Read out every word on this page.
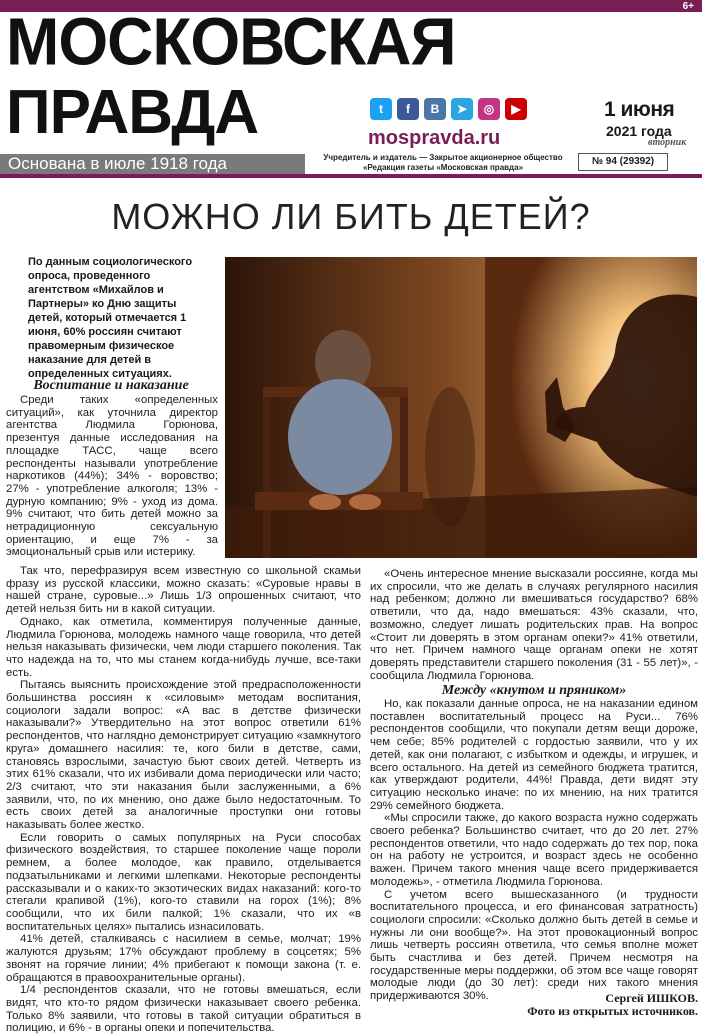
6+
МОСКОВСКАЯ
ПРАВДА	t	f	B	➤	◎	▶
mospravda.ru
1 июня
2021 года
вторник
Основана в июле 1918 года	Учредитель и издатель — Закрытое акционерное общество «Редакция газеты «Московская правда»
№ 94 (29392)
МОЖНО ЛИ БИТЬ ДЕТЕЙ?
По данным социологического опроса, проведенного агентством «Михайлов и Партнеры» ко Дню защиты детей, который отмечается 1 июня, 60% россиян считают правомерным физическое наказание для детей в определенных ситуациях.
Воспитание и наказание

Среди таких «определенных ситуаций», как уточнила директор агентства Людмила Горюнова, презентуя данные исследования на площадке ТАСС, чаще всего респонденты называли употребление наркотиков (44%); 34% - воровство; 27% - употребление алкоголя; 13% - дурную компанию; 9% - уход из дома. 9% считают, что бить детей можно за нетрадиционную сексуальную ориентацию, и еще 7% - за эмоциональный срыв или истерику.

Так что, перефразируя всем известную со школьной скамьи фразу из русской классики, можно сказать: «Суровые нравы в нашей стране, суровые...» Лишь 1/3 опрошенных считают, что детей нельзя бить ни в какой ситуации.

Однако, как отметила, комментируя полученные данные, Людмила Горюнова, молодежь намного чаще говорила, что детей нельзя наказывать физически, чем люди старшего поколения. Так что надежда на то, что мы станем когда-нибудь лучше, все-таки есть.

Пытаясь выяснить происхождение этой предрасположенности большинства россиян к «силовым» методам воспитания, социологи задали вопрос: «А вас в детстве физически наказывали?» Утвердительно на этот вопрос ответили 61% респондентов, что наглядно демонстрирует ситуацию «замкнутого круга» домашнего насилия: те, кого били в детстве, сами, становясь взрослыми, зачастую бьют своих детей. Четверть из этих 61% сказали, что их избивали дома периодически или часто; 2/3 считают, что эти наказания были заслуженными, а 6% заявили, что, по их мнению, оно даже было недостаточным. То есть своих детей за аналогичные проступки они готовы наказывать более жестко.

Если говорить о самых популярных на Руси способах физического воздействия, то старшее поколение чаще пороли ремнем, а более молодое, как правило, отделывается подзатыльниками и легкими шлепками. Некоторые респонденты рассказывали и о каких-то экзотических видах наказаний: кого-то стегали крапивой (1%), кого-то ставили на горох (1%); 8% сообщили, что их били палкой; 1% сказали, что их «в воспитательных целях» пытались изнасиловать.

41% детей, сталкиваясь с насилием в семье, молчат; 19% жалуются друзьям; 17% обсуждают проблему в соцсетях; 5% звонят на горячие линии; 4% прибегают к помощи закона (т. е. обращаются в правоохранительные органы).

1/4 респондентов сказали, что не готовы вмешаться, если видят, что кто-то рядом физически наказывает своего ребенка. Только 8% заявили, что готовы в такой ситуации обратиться в полицию, и 6% - в органы опеки и попечительства.

«Очень интересное мнение высказали россияне, когда мы их спросили, что же делать в случаях регулярного насилия над ребенком; должно ли вмешиваться государство? 68% ответили, что да, надо вмешаться: 43% сказали, что, возможно, следует лишать родительских прав. На вопрос «Стоит ли доверять в этом органам опеки?» 41% ответили, что нет. Причем намного чаще органам опеки не хотят доверять представители старшего поколения (31 - 55 лет)», - сообщила Людмила Горюнова.

Между «кнутом и пряником»

Но, как показали данные опроса, не на наказании едином поставлен воспитательный процесс на Руси... 76% респондентов сообщили, что покупали детям вещи дороже, чем себе; 85% родителей с гордостью заявили, что у их детей, как они полагают, с избытком и одежды, и игрушек, и всего остального. На детей из семейного бюджета тратится, как утверждают родители, 44%! Правда, дети видят эту ситуацию несколько иначе: по их мнению, на них тратится 29% семейного бюджета.

«Мы спросили также, до какого возраста нужно содержать своего ребенка? Большинство считает, что до 20 лет. 27% респондентов ответили, что надо содержать до тех пор, пока он на работу не устроится, и возраст здесь не особенно важен. Причем такого мнения чаще всего придерживается молодежь», - отметила Людмила Горюнова.

С учетом всего вышесказанного (и трудности воспитательного процесса, и его финансовая затратность) социологи спросили: «Сколько должно быть детей в семье и нужны ли они вообще?». На этот провокационный вопрос лишь четверть россиян ответила, что семья вполне может быть счастлива и без детей. Причем несмотря на государственные меры поддержки, об этом все чаще говорят молодые люди (до 30 лет): среди них такого мнения придерживаются 30%.	Сергей ИШКОВ.
Фото из открытых источников.
